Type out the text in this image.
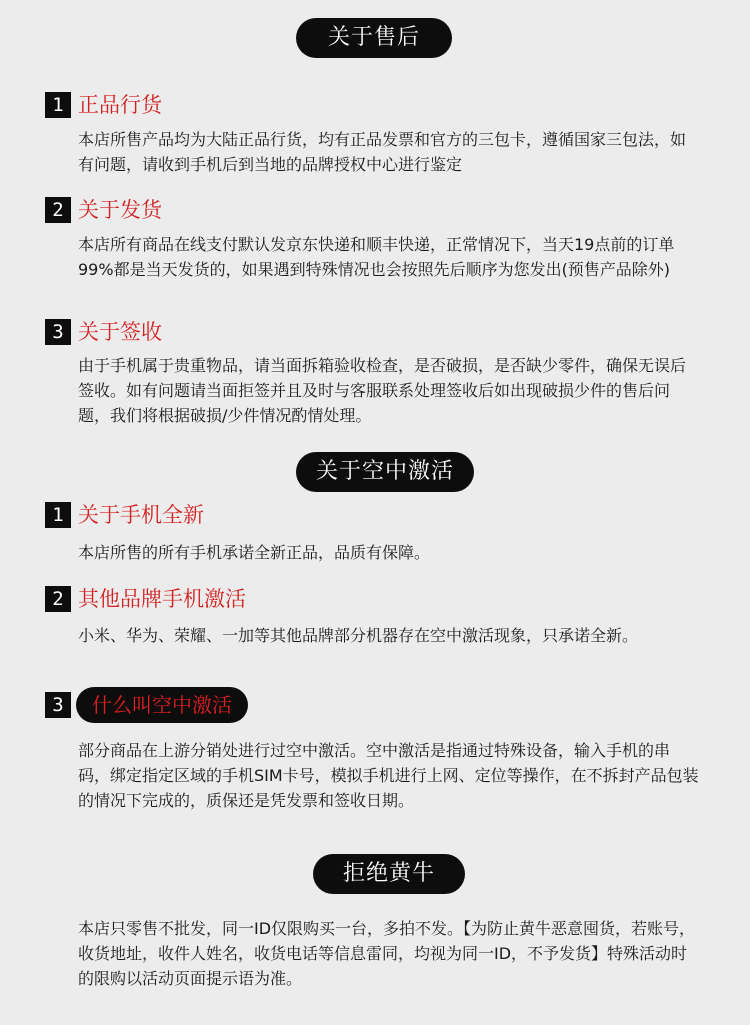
关于售后
1 正品行货

本店所售产品均为大陆正品行货，均有正品发票和官方的三包卡，遵循国家三包法，如有问题，请收到手机后到当地的品牌授权中心进行鉴定

2 关于发货

本店所有商品在线支付默认发京东快递和顺丰快递，正常情况下，当天19点前的订单99%都是当天发货的，如果遇到特殊情况也会按照先后顺序为您发出(预售产品除外)

3 关于签收

由于手机属于贵重物品，请当面拆箱验收检查，是否破损，是否缺少零件，确保无误后签收。如有问题请当面拒签并且及时与客服联系处理签收后如出现破损少件的售后问题，我们将根据破损/少件情况酌情处理。

关于空中激活
1 关于手机全新

本店所售的所有手机承诺全新正品，品质有保障。

2 其他品牌手机激活

小米、华为、荣耀、一加等其他品牌部分机器存在空中激活现象，只承诺全新。

3	什么叫空中激活

部分商品在上游分销处进行过空中激活。空中激活是指通过特殊设备，输入手机的串码，绑定指定区域的手机SIM卡号，模拟手机进行上网、定位等操作，在不拆封产品包装的情况下完成的，质保还是凭发票和签收日期。

拒绝黄牛

本店只零售不批发，同一ID仅限购买一台，多拍不发。【为防止黄牛恶意囤货，若账号，收货地址，收件人姓名，收货电话等信息雷同，均视为同一ID，不予发货】特殊活动时的限购以活动页面提示语为准。
